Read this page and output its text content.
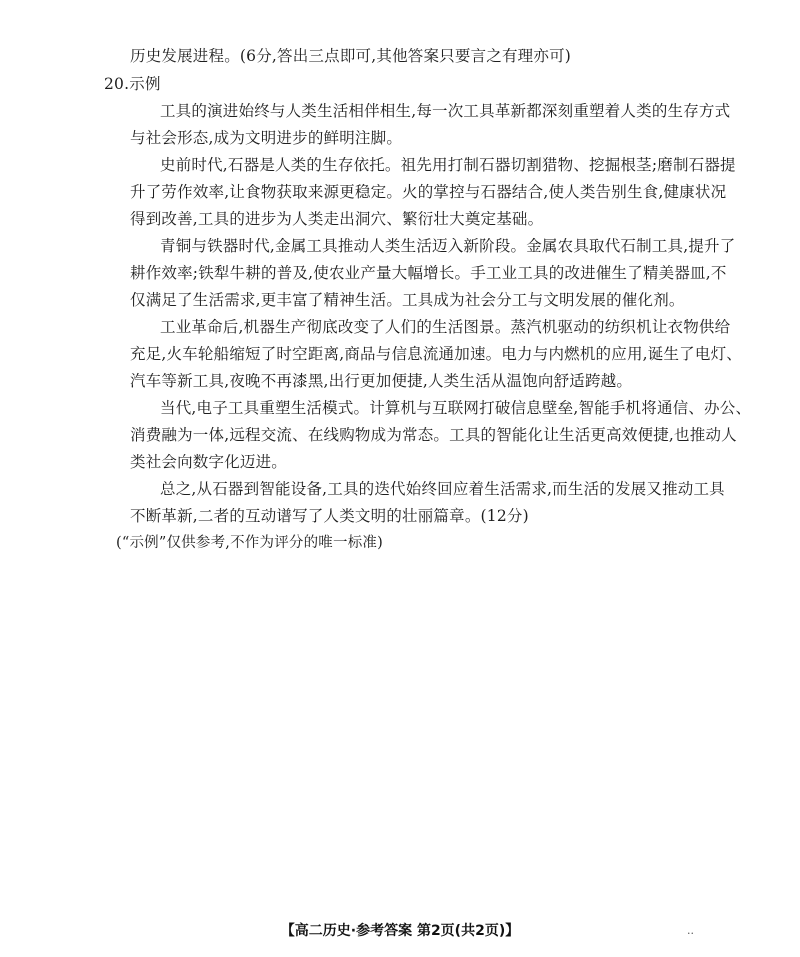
历史发展进程。(6分,答出三点即可,其他答案只要言之有理亦可)
20.示例
工具的演进始终与人类生活相伴相生,每一次工具革新都深刻重塑着人类的生存方式
与社会形态,成为文明进步的鲜明注脚。
史前时代,石器是人类的生存依托。祖先用打制石器切割猎物、挖掘根茎;磨制石器提
升了劳作效率,让食物获取来源更稳定。火的掌控与石器结合,使人类告别生食,健康状况
得到改善,工具的进步为人类走出洞穴、繁衍壮大奠定基础。
青铜与铁器时代,金属工具推动人类生活迈入新阶段。金属农具取代石制工具,提升了
耕作效率;铁犁牛耕的普及,使农业产量大幅增长。手工业工具的改进催生了精美器皿,不
仅满足了生活需求,更丰富了精神生活。工具成为社会分工与文明发展的催化剂。
工业革命后,机器生产彻底改变了人们的生活图景。蒸汽机驱动的纺织机让衣物供给
充足,火车轮船缩短了时空距离,商品与信息流通加速。电力与内燃机的应用,诞生了电灯、
汽车等新工具,夜晚不再漆黑,出行更加便捷,人类生活从温饱向舒适跨越。
当代,电子工具重塑生活模式。计算机与互联网打破信息壁垒,智能手机将通信、办公、
消费融为一体,远程交流、在线购物成为常态。工具的智能化让生活更高效便捷,也推动人
类社会向数字化迈进。
总之,从石器到智能设备,工具的迭代始终回应着生活需求,而生活的发展又推动工具
不断革新,二者的互动谱写了人类文明的壮丽篇章。(12分)
(“示例”仅供参考,不作为评分的唯一标准)
【高二历史·参考答案 第2页(共2页)】	··
